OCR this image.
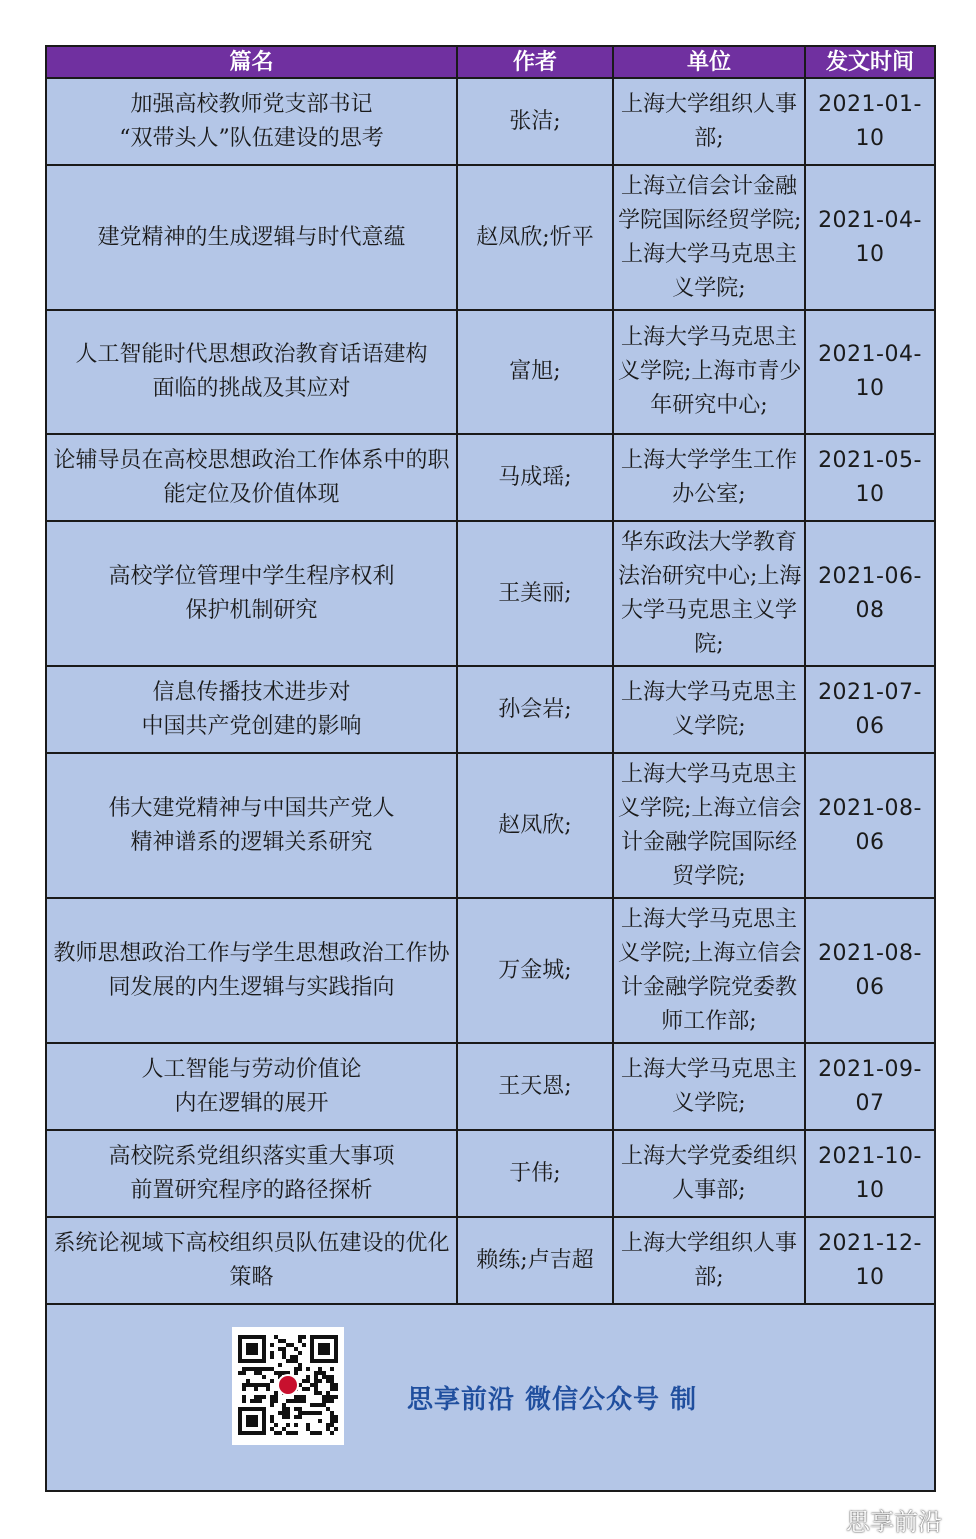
篇名	作者	单位	发文时间

加强高校教师党支部书记
“双带头人”队伍建设的思考	张洁;	上海大学组织人事
部;	2021-01-10

建党精神的生成逻辑与时代意蕴	赵凤欣;忻平	上海立信会计金融
学院国际经贸学院;
上海大学马克思主
义学院;	2021-04-10

人工智能时代思想政治教育话语建构
面临的挑战及其应对	富旭;	上海大学马克思主
义学院;上海市青少
年研究中心;	2021-04-10

论辅导员在高校思想政治工作体系中的职
能定位及价值体现	马成瑶;	上海大学学生工作
办公室;	2021-05-10

高校学位管理中学生程序权利
保护机制研究	王美丽;	华东政法大学教育
法治研究中心;上海
大学马克思主义学
院;	2021-06-08

信息传播技术进步对
中国共产党创建的影响	孙会岩;	上海大学马克思主
义学院;	2021-07-06

伟大建党精神与中国共产党人
精神谱系的逻辑关系研究	赵凤欣;	上海大学马克思主
义学院;上海立信会
计金融学院国际经
贸学院;	2021-08-06

教师思想政治工作与学生思想政治工作协
同发展的内生逻辑与实践指向	万金城;	上海大学马克思主
义学院;上海立信会
计金融学院党委教
师工作部;	2021-08-06

人工智能与劳动价值论
内在逻辑的展开	王天恩;	上海大学马克思主
义学院;	2021-09-07

高校院系党组织落实重大事项
前置研究程序的路径探析	于伟;	上海大学党委组织
人事部;	2021-10-10

系统论视域下高校组织员队伍建设的优化
策略	赖练;卢吉超	上海大学组织人事
部;	2021-12-10
思享前沿 微信公众号 制
思享前沿
